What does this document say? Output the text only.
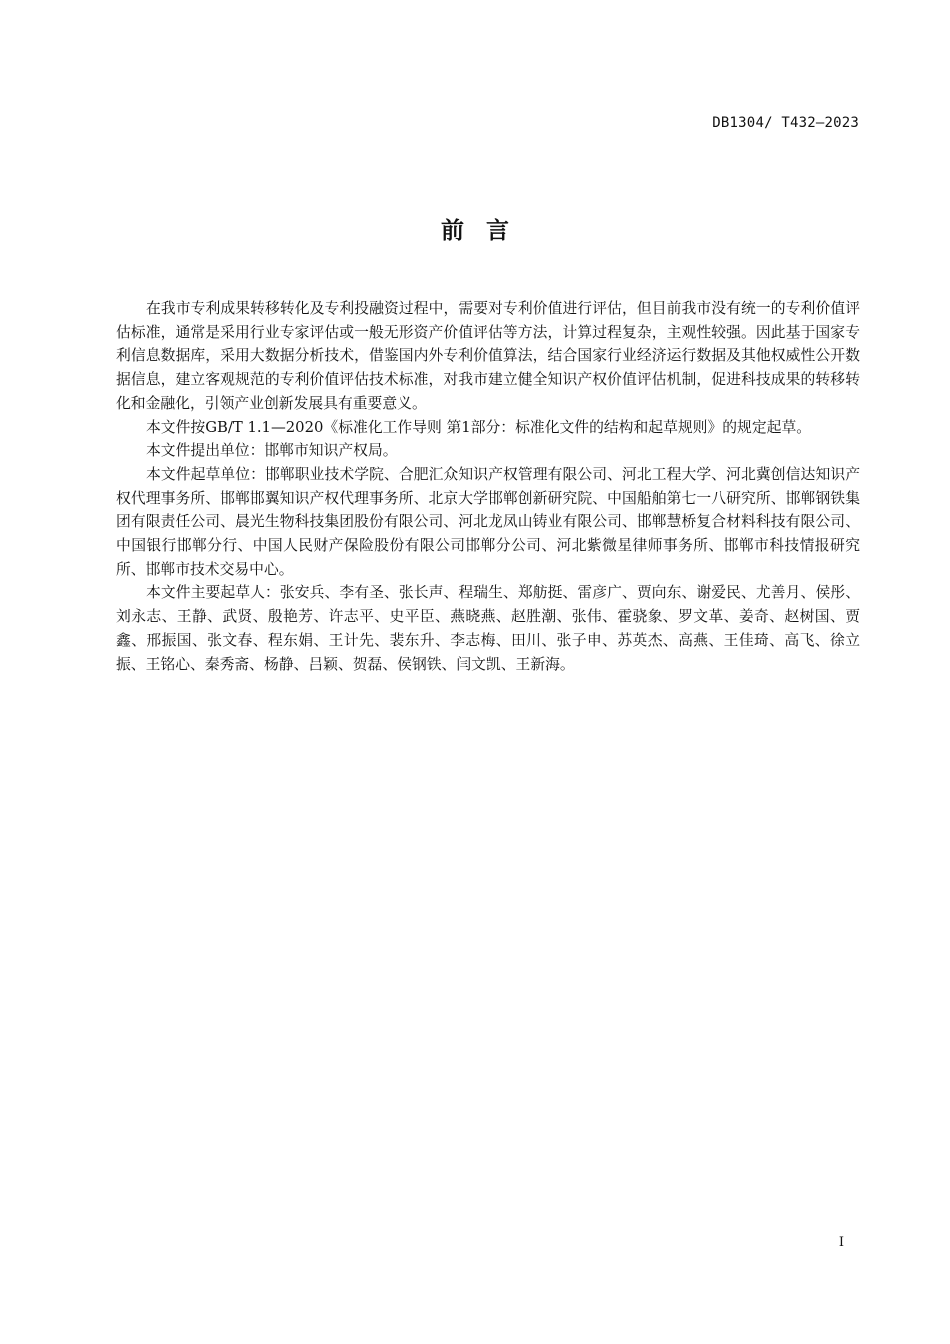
DB1304/ T432—2023
前言

在我市专利成果转移转化及专利投融资过程中，需要对专利价值进行评估，但目前我市没有统一的专利价值评估标准，通常是采用行业专家评估或一般无形资产价值评估等方法，计算过程复杂，主观性较强。因此基于国家专利信息数据库，采用大数据分析技术，借鉴国内外专利价值算法，结合国家行业经济运行数据及其他权威性公开数据信息，建立客观规范的专利价值评估技术标准，对我市建立健全知识产权价值评估机制，促进科技成果的转移转化和金融化，引领产业创新发展具有重要意义。

本文件按GB/T 1.1—2020《标准化工作导则 第1部分：标准化文件的结构和起草规则》的规定起草。

本文件提出单位：邯郸市知识产权局。

本文件起草单位：邯郸职业技术学院、合肥汇众知识产权管理有限公司、河北工程大学、河北冀创信达知识产权代理事务所、邯郸邯翼知识产权代理事务所、北京大学邯郸创新研究院、中国船舶第七一八研究所、邯郸钢铁集团有限责任公司、晨光生物科技集团股份有限公司、河北龙凤山铸业有限公司、邯郸慧桥复合材料科技有限公司、中国银行邯郸分行、中国人民财产保险股份有限公司邯郸分公司、河北紫微星律师事务所、邯郸市科技情报研究所、邯郸市技术交易中心。

本文件主要起草人：张安兵、李有圣、张长声、程瑞生、郑舫挺、雷彦广、贾向东、谢爱民、尤善月、侯彤、刘永志、王静、武贤、殷艳芳、许志平、史平臣、燕晓燕、赵胜潮、张伟、霍骁象、罗文革、姜奇、赵树国、贾鑫、邢振国、张文春、程东娟、王计先、裴东升、李志梅、田川、张子申、苏英杰、高燕、王佳琦、高飞、徐立振、王铭心、秦秀斋、杨静、吕颖、贺磊、侯钢铁、闫文凯、王新海。

I
